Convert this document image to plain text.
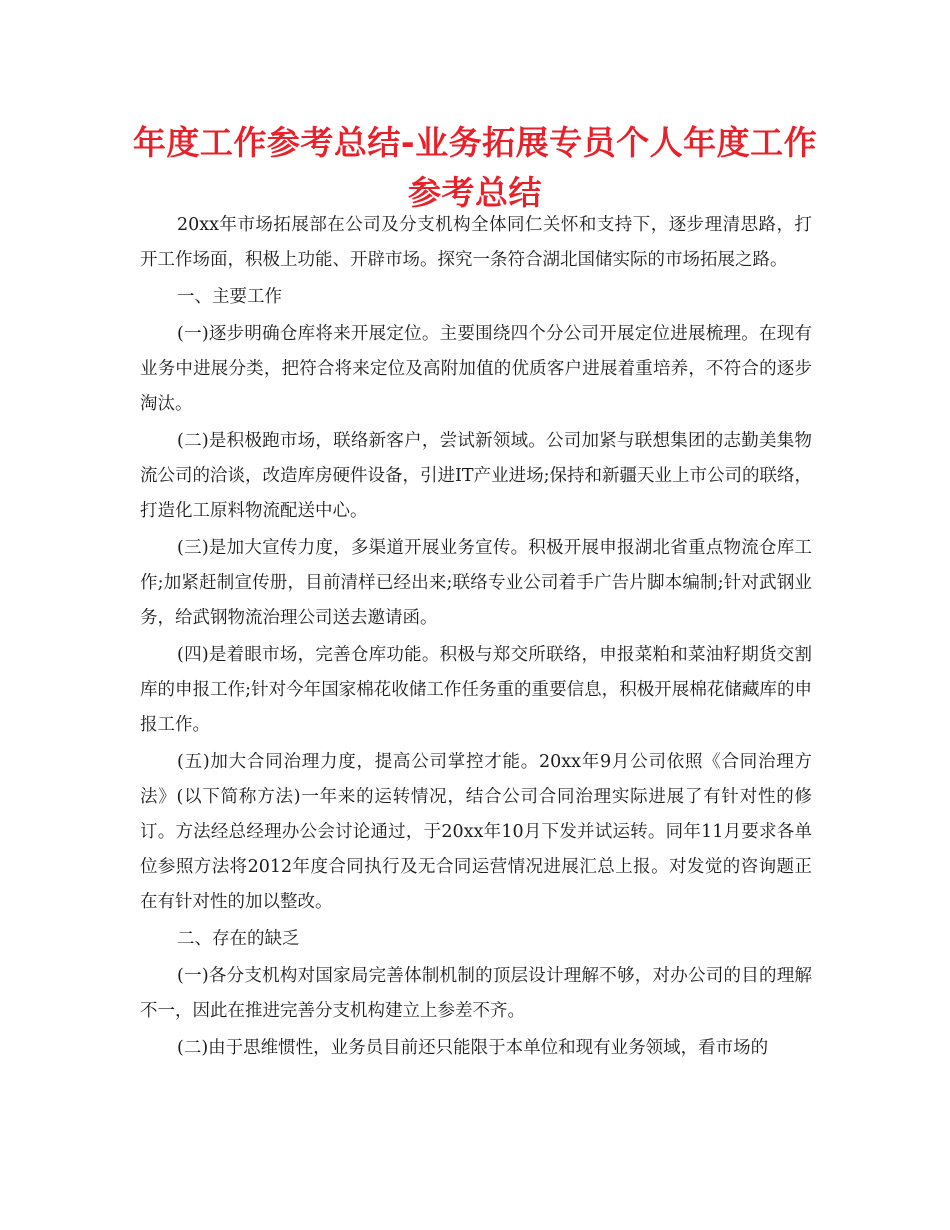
年度工作参考总结-业务拓展专员个人年度工作参考总结

20xx年市场拓展部在公司及分支机构全体同仁关怀和支持下，逐步理清思路，打开工作场面，积极上功能、开辟市场。探究一条符合湖北国储实际的市场拓展之路。

一、主要工作

(一)逐步明确仓库将来开展定位。主要围绕四个分公司开展定位进展梳理。在现有业务中进展分类，把符合将来定位及高附加值的优质客户进展着重培养，不符合的逐步淘汰。

(二)是积极跑市场，联络新客户，尝试新领域。公司加紧与联想集团的志勤美集物流公司的洽谈，改造库房硬件设备，引进IT产业进场;保持和新疆天业上市公司的联络，打造化工原料物流配送中心。

(三)是加大宣传力度，多渠道开展业务宣传。积极开展申报湖北省重点物流仓库工作;加紧赶制宣传册，目前清样已经出来;联络专业公司着手广告片脚本编制;针对武钢业务，给武钢物流治理公司送去邀请函。

(四)是着眼市场，完善仓库功能。积极与郑交所联络，申报菜粕和菜油籽期货交割库的申报工作;针对今年国家棉花收储工作任务重的重要信息，积极开展棉花储藏库的申报工作。

(五)加大合同治理力度，提高公司掌控才能。20xx年9月公司依照《合同治理方法》(以下简称方法)一年来的运转情况，结合公司合同治理实际进展了有针对性的修订。方法经总经理办公会讨论通过，于20xx年10月下发并试运转。同年11月要求各单位参照方法将2012年度合同执行及无合同运营情况进展汇总上报。对发觉的咨询题正在有针对性的加以整改。

二、存在的缺乏

(一)各分支机构对国家局完善体制机制的顶层设计理解不够，对办公司的目的理解不一，因此在推进完善分支机构建立上参差不齐。

(二)由于思维惯性，业务员目前还只能限于本单位和现有业务领域，看市场的
